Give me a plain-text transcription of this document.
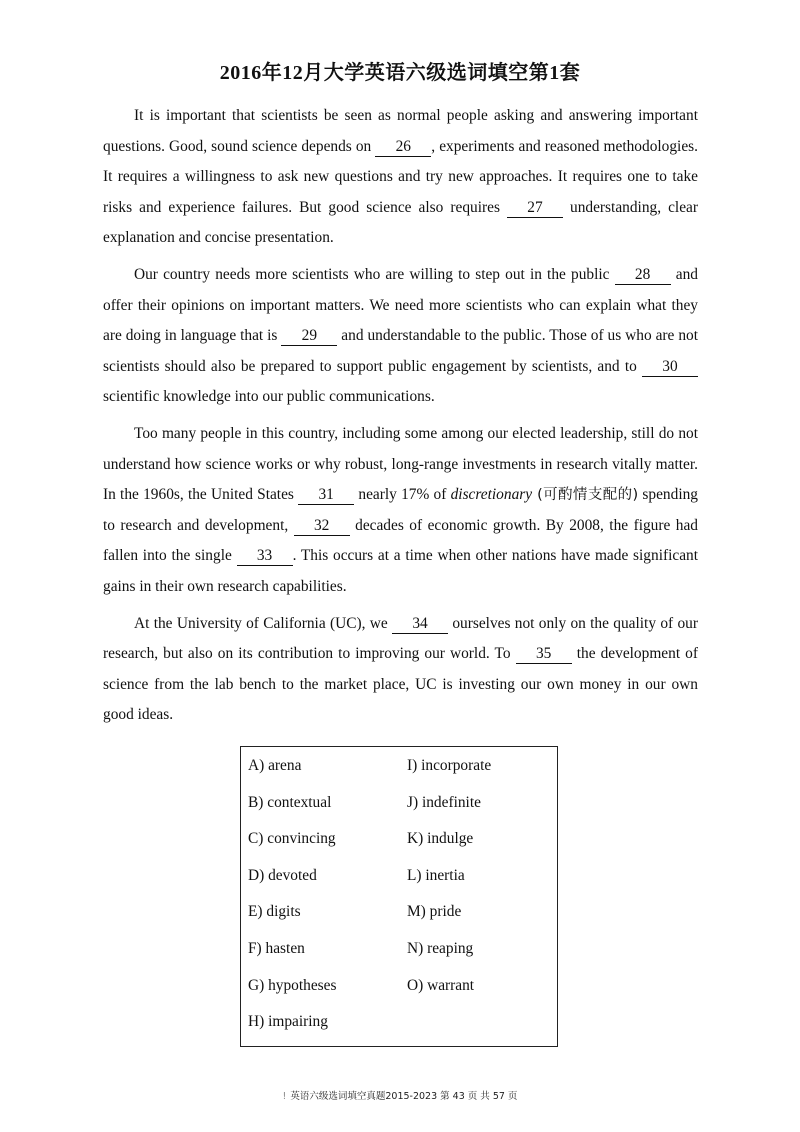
2016年12月大学英语六级选词填空第1套

It is important that scientists be seen as normal people asking and answering important questions. Good, sound science depends on 26 , experiments and reasoned methodologies. It requires a willingness to ask new questions and try new approaches. It requires one to take risks and experience failures. But good science also requires 27 understanding, clear explanation and concise presentation.

Our country needs more scientists who are willing to step out in the public 28 and offer their opinions on important matters. We need more scientists who can explain what they are doing in language that is 29 and understandable to the public. Those of us who are not scientists should also be prepared to support public engagement by scientists, and to 30 scientific knowledge into our public communications.

Too many people in this country, including some among our elected leadership, still do not understand how science works or why robust, long-range investments in research vitally matter. In the 1960s, the United States 31 nearly 17% of discretionary (可酌情支配的) spending to research and development, 32 decades of economic growth. By 2008, the figure had fallen into the single 33 . This occurs at a time when other nations have made significant gains in their own research capabilities.

At the University of California (UC), we 34 ourselves not only on the quality of our research, but also on its contribution to improving our world. To 35 the development of science from the lab bench to the market place, UC is investing our own money in our own good ideas.

A) arena	I) incorporate
B) contextual	J) indefinite
C) convincing	K) indulge
D) devoted	L) inertia
E) digits	M) pride
F) hasten	N) reaping
G) hypotheses	O) warrant
H) impairing
! 英语六级选词填空真题2015-2023 第 43 页 共 57 页
